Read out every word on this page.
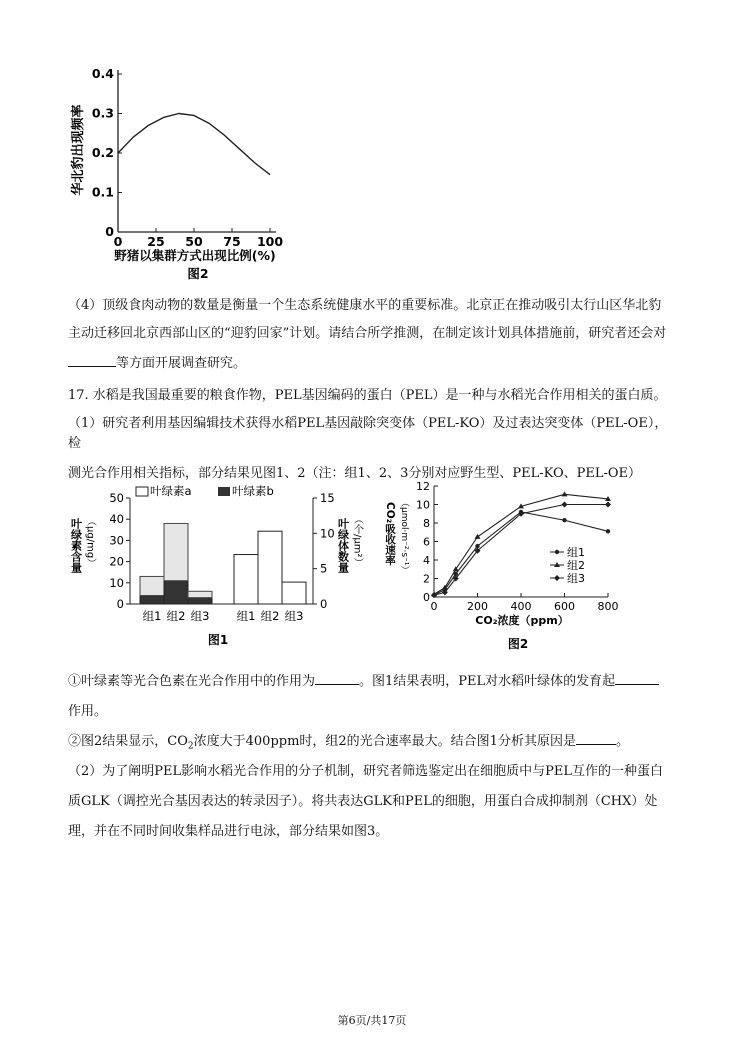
0
0.1
0.2
0.3
0.4
0 25 50 75 100
华北豹出现频率
野猪以集群方式出现比例(%)
图2
（4）顶级食肉动物的数量是衡量一个生态系统健康水平的重要标准。北京正在推动吸引太行山区华北豹
主动迁移回北京西部山区的“迎豹回家”计划。请结合所学推测，在制定该计划具体措施前，研究者还会对
等方面开展调查研究。
17. 水稻是我国最重要的粮食作物，PEL基因编码的蛋白（PEL）是一种与水稻光合作用相关的蛋白质。
（1）研究者利用基因编辑技术获得水稻PEL基因敲除突变体（PEL-KO）及过表达突变体（PEL-OE），检
测光合作用相关指标，部分结果见图1、2（注：组1、2、3分别对应野生型、PEL-KO、PEL-OE）
0
10
20
30
40
50
0
5
10
15
组1 组2 组3 组1 组2 组3
叶绿素a	叶绿素b
叶绿素含量 （μg/mg）	叶绿体数量 （个/μm²）
图1
0
2
4
6
8
10
12
0	200 400 600 800
组1
组2
组3
CO₂吸收速率 （μmol·m⁻²·s⁻¹）
CO₂浓度（ppm）
图2
①叶绿素等光合色素在光合作用中的作用为	。图1结果表明，PEL对水稻叶绿体的发育起
作用。
②图2结果显示，$CO_2$浓度大于400ppm时，组2的光合速率最大。结合图1分析其原因是	。
（2）为了阐明PEL影响水稻光合作用的分子机制，研究者筛选鉴定出在细胞质中与PEL互作的一种蛋白
质GLK（调控光合基因表达的转录因子）。将共表达GLK和PEL的细胞，用蛋白合成抑制剂（CHX）处
理，并在不同时间收集样品进行电泳，部分结果如图3。
第6页/共17页
